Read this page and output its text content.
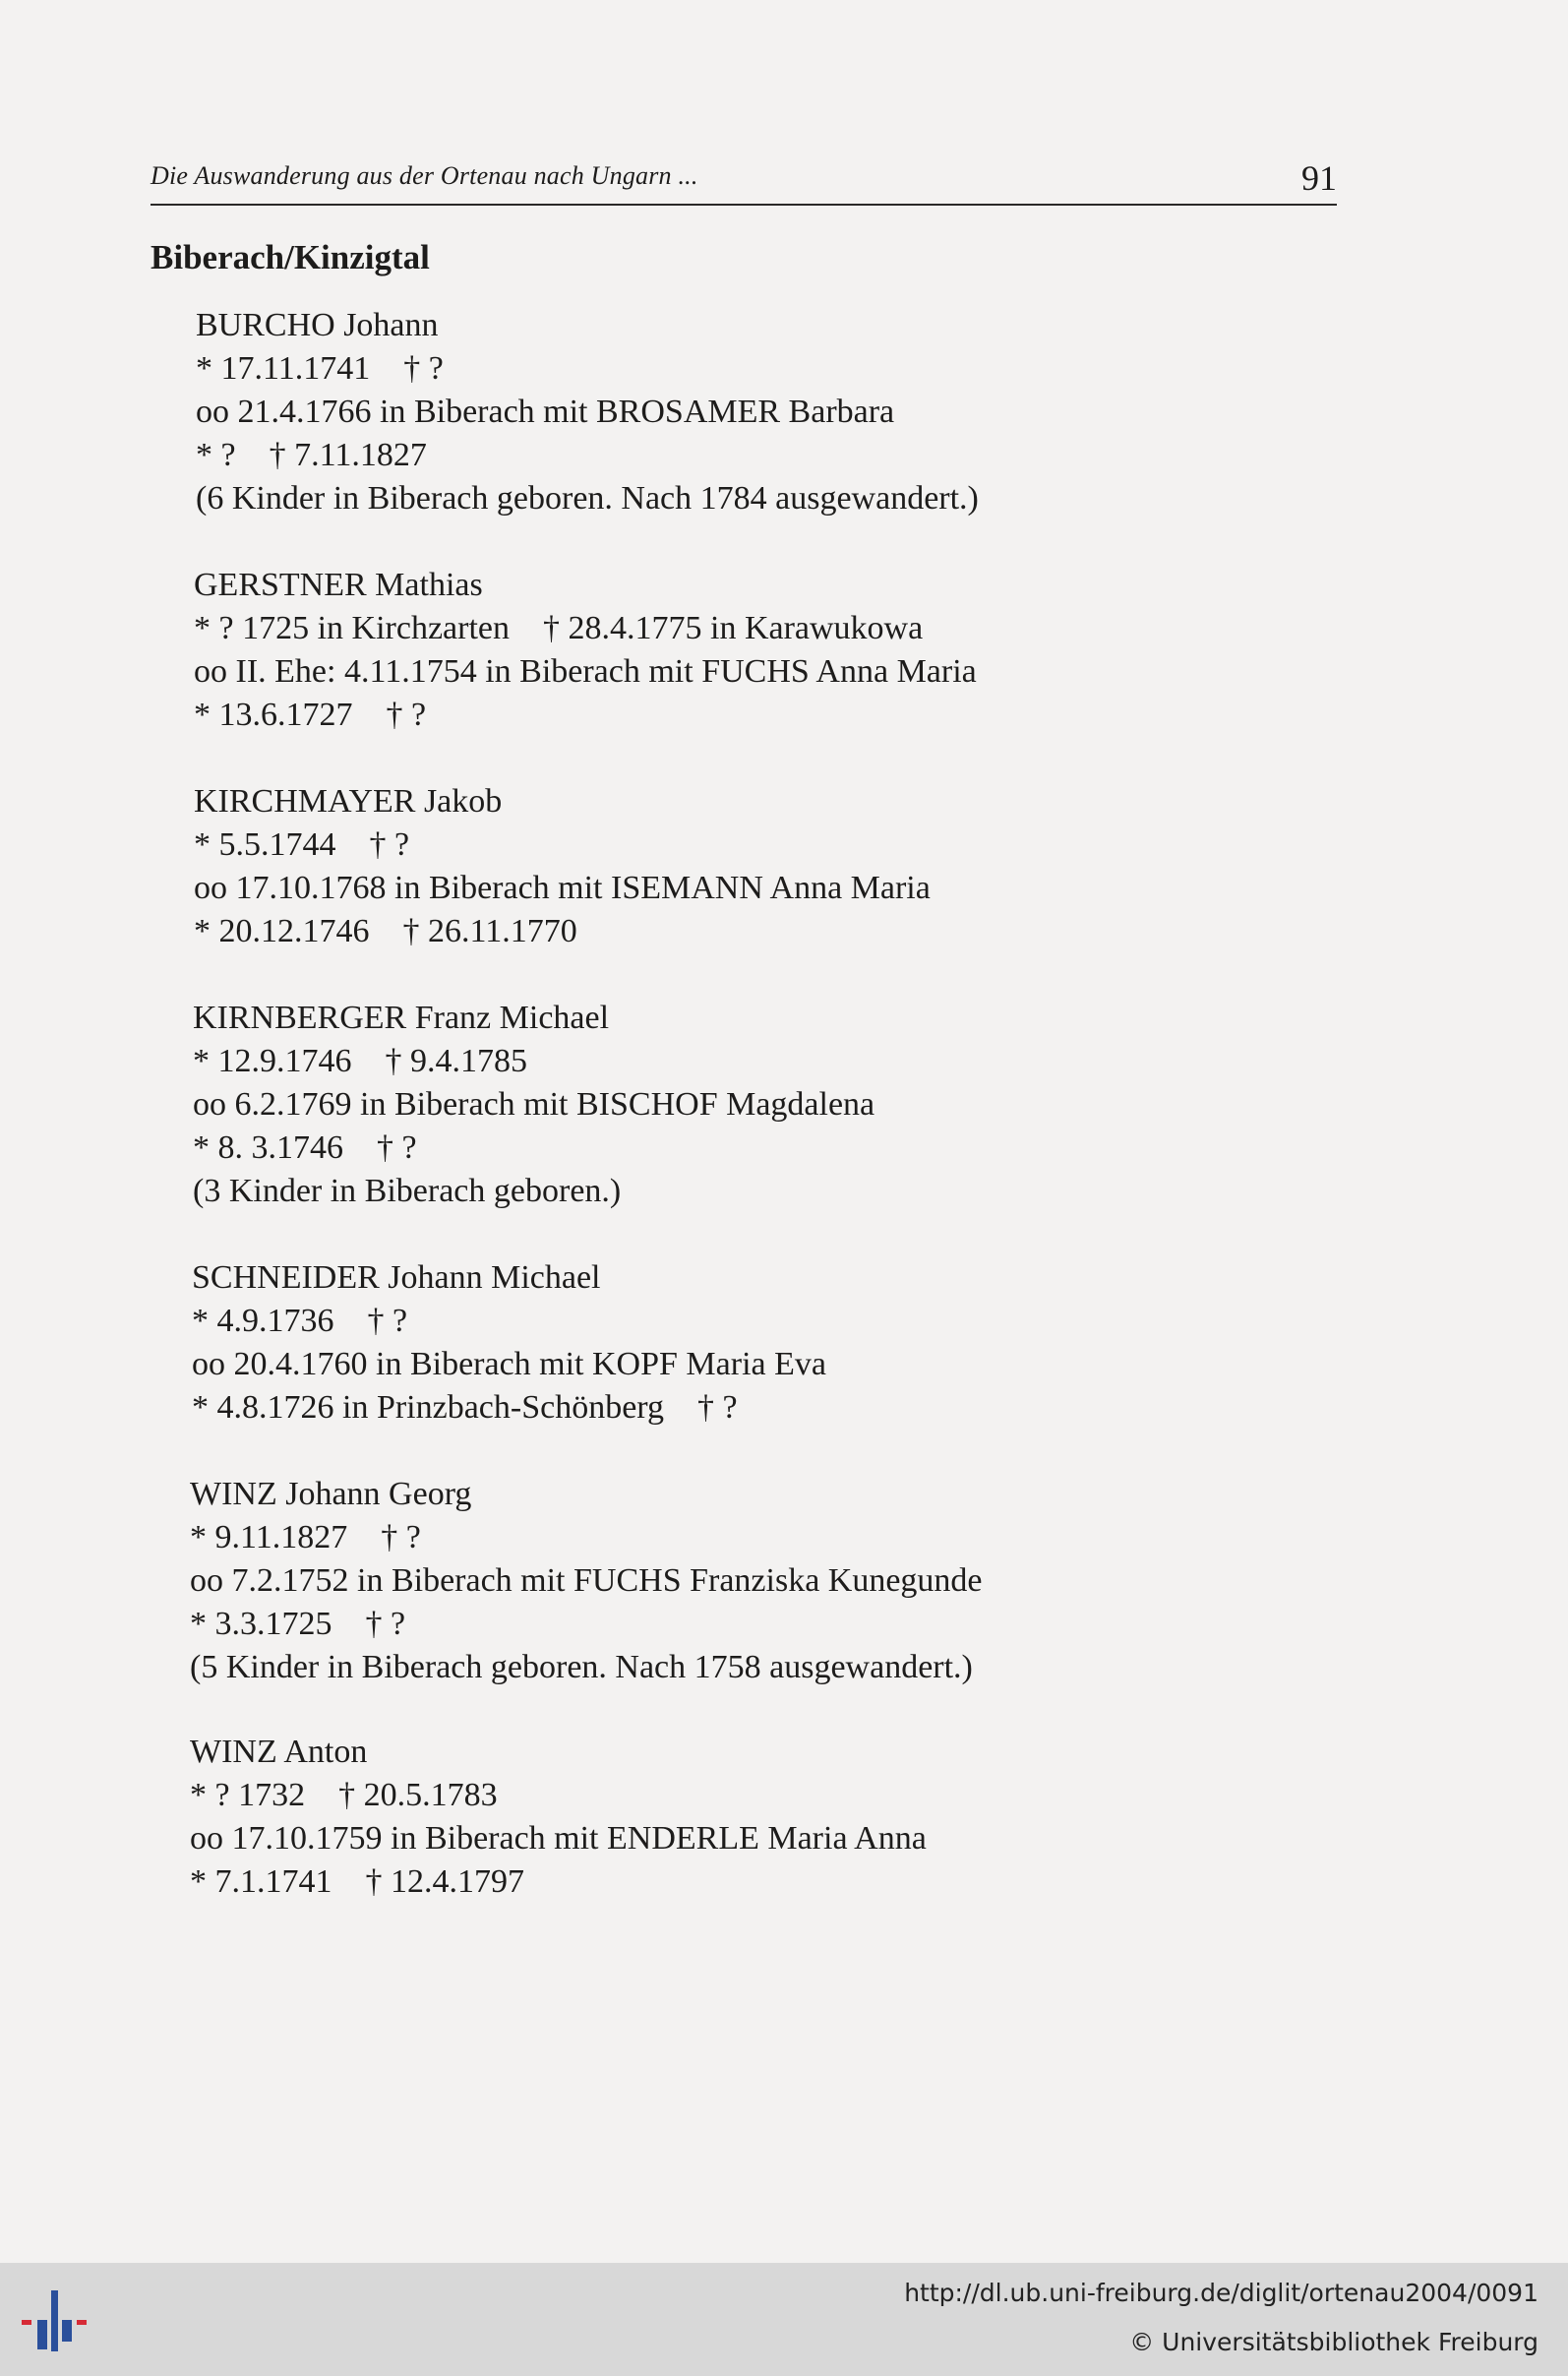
Die Auswanderung aus der Ortenau nach Ungarn ...	91
Biberach/Kinzigtal
BURCHO Johann
* 17.11.1741    † ?
oo 21.4.1766 in Biberach mit BROSAMER Barbara
* ?    † 7.11.1827
(6 Kinder in Biberach geboren. Nach 1784 ausgewandert.)
GERSTNER Mathias
* ? 1725 in Kirchzarten    † 28.4.1775 in Karawukowa
oo II. Ehe: 4.11.1754 in Biberach mit FUCHS Anna Maria
* 13.6.1727    † ?
KIRCHMAYER Jakob
* 5.5.1744    † ?
oo 17.10.1768 in Biberach mit ISEMANN Anna Maria
* 20.12.1746    † 26.11.1770
KIRNBERGER Franz Michael
* 12.9.1746    † 9.4.1785
oo 6.2.1769 in Biberach mit BISCHOF Magdalena
* 8. 3.1746    † ?
(3 Kinder in Biberach geboren.)
SCHNEIDER Johann Michael
* 4.9.1736    † ?
oo 20.4.1760 in Biberach mit KOPF Maria Eva
* 4.8.1726 in Prinzbach-Schönberg    † ?
WINZ Johann Georg
* 9.11.1827    † ?
oo 7.2.1752 in Biberach mit FUCHS Franziska Kunegunde
* 3.3.1725    † ?
(5 Kinder in Biberach geboren. Nach 1758 ausgewandert.)
WINZ Anton
* ? 1732    † 20.5.1783
oo 17.10.1759 in Biberach mit ENDERLE Maria Anna
* 7.1.1741    † 12.4.1797
http://dl.ub.uni-freiburg.de/diglit/ortenau2004/0091
© Universitätsbibliothek Freiburg
